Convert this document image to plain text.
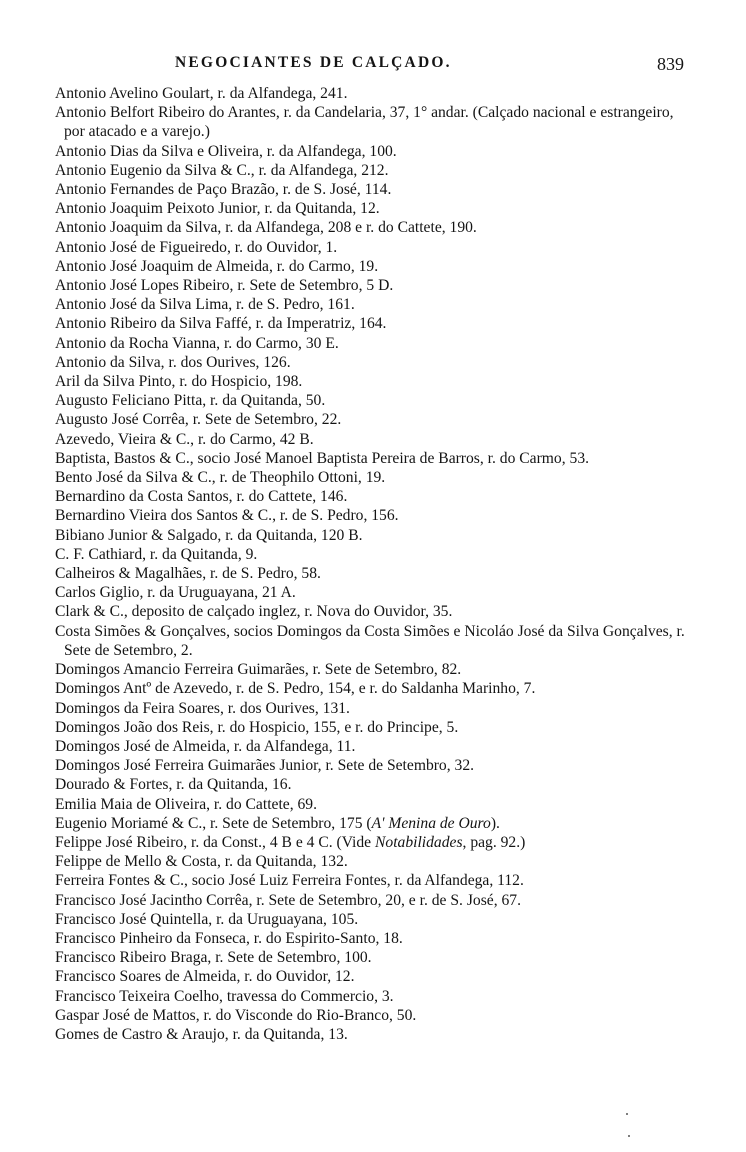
NEGOCIANTES DE CALÇADO.	839
Antonio Avelino Goulart, r. da Alfandega, 241.
Antonio Belfort Ribeiro do Arantes, r. da Candelaria, 37, 1° andar. (Calçado nacional e estrangeiro, por atacado e a varejo.)
Antonio Dias da Silva e Oliveira, r. da Alfandega, 100.
Antonio Eugenio da Silva & C., r. da Alfandega, 212.
Antonio Fernandes de Paço Brazão, r. de S. José, 114.
Antonio Joaquim Peixoto Junior, r. da Quitanda, 12.
Antonio Joaquim da Silva, r. da Alfandega, 208 e r. do Cattete, 190.
Antonio José de Figueiredo, r. do Ouvidor, 1.
Antonio José Joaquim de Almeida, r. do Carmo, 19.
Antonio José Lopes Ribeiro, r. Sete de Setembro, 5 D.
Antonio José da Silva Lima, r. de S. Pedro, 161.
Antonio Ribeiro da Silva Faffé, r. da Imperatriz, 164.
Antonio da Rocha Vianna, r. do Carmo, 30 E.
Antonio da Silva, r. dos Ourives, 126.
Aril da Silva Pinto, r. do Hospicio, 198.
Augusto Feliciano Pitta, r. da Quitanda, 50.
Augusto José Corrêa, r. Sete de Setembro, 22.
Azevedo, Vieira & C., r. do Carmo, 42 B.
Baptista, Bastos & C., socio José Manoel Baptista Pereira de Barros, r. do Carmo, 53.
Bento José da Silva & C., r. de Theophilo Ottoni, 19.
Bernardino da Costa Santos, r. do Cattete, 146.
Bernardino Vieira dos Santos & C., r. de S. Pedro, 156.
Bibiano Junior & Salgado, r. da Quitanda, 120 B.
C. F. Cathiard, r. da Quitanda, 9.
Calheiros & Magalhães, r. de S. Pedro, 58.
Carlos Giglio, r. da Uruguayana, 21 A.
Clark & C., deposito de calçado inglez, r. Nova do Ouvidor, 35.
Costa Simões & Gonçalves, socios Domingos da Costa Simões e Nicoláo José da Silva Gonçalves, r. Sete de Setembro, 2.
Domingos Amancio Ferreira Guimarães, r. Sete de Setembro, 82.
Domingos Antº de Azevedo, r. de S. Pedro, 154, e r. do Saldanha Marinho, 7.
Domingos da Feira Soares, r. dos Ourives, 131.
Domingos João dos Reis, r. do Hospicio, 155, e r. do Principe, 5.
Domingos José de Almeida, r. da Alfandega, 11.
Domingos José Ferreira Guimarães Junior, r. Sete de Setembro, 32.
Dourado & Fortes, r. da Quitanda, 16.
Emilia Maia de Oliveira, r. do Cattete, 69.
Eugenio Moriamé & C., r. Sete de Setembro, 175 (A' Menina de Ouro).
Felippe José Ribeiro, r. da Const., 4 B e 4 C. (Vide Notabilidades, pag. 92.)
Felippe de Mello & Costa, r. da Quitanda, 132.
Ferreira Fontes & C., socio José Luiz Ferreira Fontes, r. da Alfandega, 112.
Francisco José Jacintho Corrêa, r. Sete de Setembro, 20, e r. de S. José, 67.
Francisco José Quintella, r. da Uruguayana, 105.
Francisco Pinheiro da Fonseca, r. do Espirito-Santo, 18.
Francisco Ribeiro Braga, r. Sete de Setembro, 100.
Francisco Soares de Almeida, r. do Ouvidor, 12.
Francisco Teixeira Coelho, travessa do Commercio, 3.
Gaspar José de Mattos, r. do Visconde do Rio-Branco, 50.
Gomes de Castro & Araujo, r. da Quitanda, 13.
